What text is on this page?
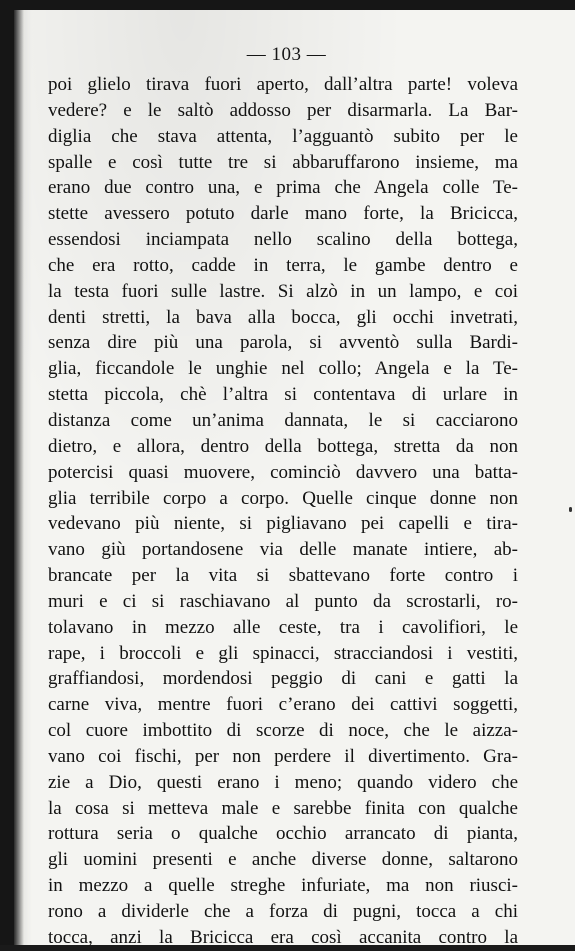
— 103 —
poi glielo tirava fuori aperto, dall’altra parte! voleva
vedere? e le saltò addosso per disarmarla. La Bar-
diglia che stava attenta, l’agguantò subito per le
spalle e così tutte tre si abbaruffarono insieme, ma
erano due contro una, e prima che Angela colle Te-
stette avessero potuto darle mano forte, la Bricicca,
essendosi inciampata nello scalino della bottega,
che era rotto, cadde in terra, le gambe dentro e
la testa fuori sulle lastre. Si alzò in un lampo, e coi
denti stretti, la bava alla bocca, gli occhi invetrati,
senza dire più una parola, si avventò sulla Bardi-
glia, ficcandole le unghie nel collo; Angela e la Te-
stetta piccola, chè l’altra si contentava di urlare in
distanza come un’anima dannata, le si cacciarono
dietro, e allora, dentro della bottega, stretta da non
potercisi quasi muovere, cominciò davvero una batta-
glia terribile corpo a corpo. Quelle cinque donne non
vedevano più niente, si pigliavano pei capelli e tira-
vano giù portandosene via delle manate intiere, ab-
brancate per la vita si sbattevano forte contro i
muri e ci si raschiavano al punto da scrostarli, ro-
tolavano in mezzo alle ceste, tra i cavolifiori, le
rape, i broccoli e gli spinacci, stracciandosi i vestiti,
graffiandosi, mordendosi peggio di cani e gatti la
carne viva, mentre fuori c’erano dei cattivi soggetti,
col cuore imbottito di scorze di noce, che le aizza-
vano coi fischi, per non perdere il divertimento. Gra-
zie a Dio, questi erano i meno; quando videro che
la cosa si metteva male e sarebbe finita con qualche
rottura seria o qualche occhio arrancato di pianta,
gli uomini presenti e anche diverse donne, saltarono
in mezzo a quelle streghe infuriate, ma non riusci-
rono a dividerle che a forza di pugni, tocca a chi
tocca, anzi la Bricicca era così accanita contro la
